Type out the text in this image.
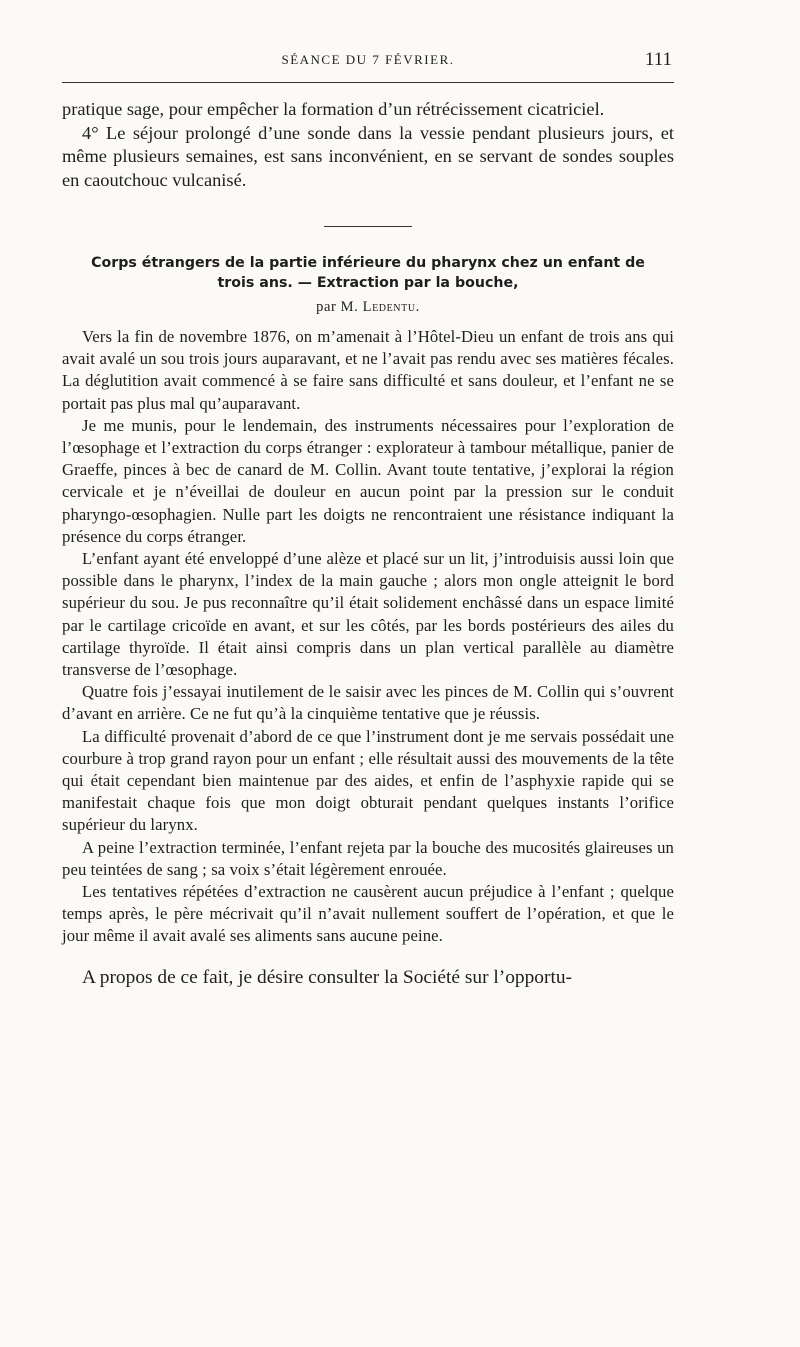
SÉANCE DU 7 FÉVRIER.	111

pratique sage, pour empêcher la formation d’un rétrécissement cicatriciel.

4° Le séjour prolongé d’une sonde dans la vessie pendant plusieurs jours, et même plusieurs semaines, est sans inconvénient, en se servant de sondes souples en caoutchouc vulcanisé.

Corps étrangers de la partie inférieure du pharynx chez un enfant de trois ans. — Extraction par la bouche,
par M. Ledentu.

Vers la fin de novembre 1876, on m’amenait à l’Hôtel-Dieu un enfant de trois ans qui avait avalé un sou trois jours auparavant, et ne l’avait pas rendu avec ses matières fécales. La déglutition avait commencé à se faire sans difficulté et sans douleur, et l’enfant ne se portait pas plus mal qu’auparavant.

Je me munis, pour le lendemain, des instruments nécessaires pour l’exploration de l’œsophage et l’extraction du corps étranger : explorateur à tambour métallique, panier de Graeffe, pinces à bec de canard de M. Collin. Avant toute tentative, j’explorai la région cervicale et je n’éveillai de douleur en aucun point par la pression sur le conduit pharyngo-œsophagien. Nulle part les doigts ne rencontraient une résistance indiquant la présence du corps étranger.

L’enfant ayant été enveloppé d’une alèze et placé sur un lit, j’introduisis aussi loin que possible dans le pharynx, l’index de la main gauche ; alors mon ongle atteignit le bord supérieur du sou. Je pus reconnaître qu’il était solidement enchâssé dans un espace limité par le cartilage cricoïde en avant, et sur les côtés, par les bords postérieurs des ailes du cartilage thyroïde. Il était ainsi compris dans un plan vertical parallèle au diamètre transverse de l’œsophage.

Quatre fois j’essayai inutilement de le saisir avec les pinces de M. Collin qui s’ouvrent d’avant en arrière. Ce ne fut qu’à la cinquième tentative que je réussis.

La difficulté provenait d’abord de ce que l’instrument dont je me servais possédait une courbure à trop grand rayon pour un enfant ; elle résultait aussi des mouvements de la tête qui était cependant bien maintenue par des aides, et enfin de l’asphyxie rapide qui se manifestait chaque fois que mon doigt obturait pendant quelques instants l’orifice supérieur du larynx.

A peine l’extraction terminée, l’enfant rejeta par la bouche des mucosités glaireuses un peu teintées de sang ; sa voix s’était légèrement enrouée.

Les tentatives répétées d’extraction ne causèrent aucun préjudice à l’enfant ; quelque temps après, le père mécrivait qu’il n’avait nullement souffert de l’opération, et que le jour même il avait avalé ses aliments sans aucune peine.

A propos de ce fait, je désire consulter la Société sur l’opportu-
